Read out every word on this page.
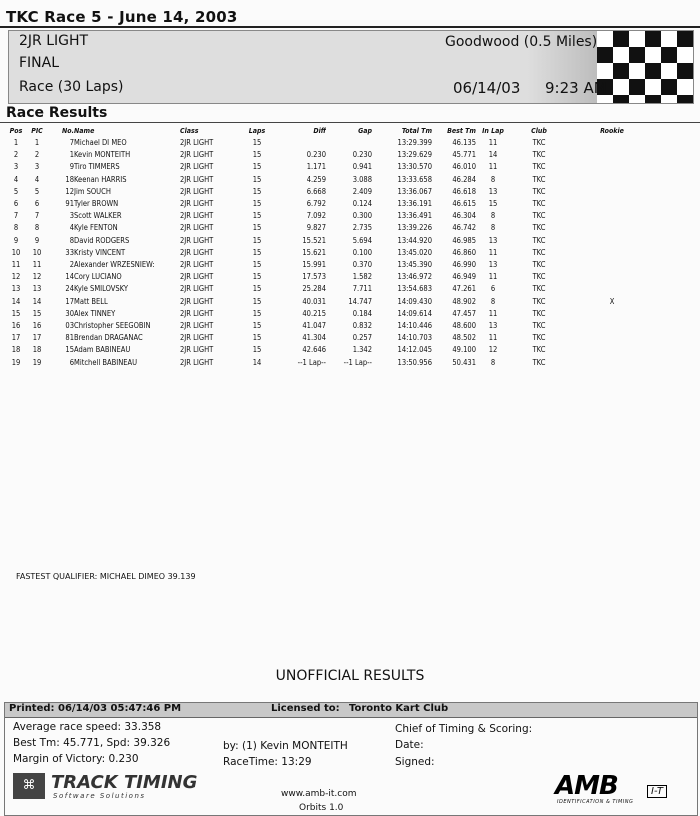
TKC Race 5 - June 14, 2003
2JR LIGHT
FINAL
Race (30 Laps)
Goodwood (0.5 Miles)
06/14/03 9:23 AM
Race Results
Pos	PIC	No.	Name	Class	Laps	Diff	Gap	Total Tm	Best Tm	In Lap	Club	Rookie
1	1	7	Michael DI MEO	2JR LIGHT	15			13:29.399	46.135	11	TKC	
2	2	1	Kevin MONTEITH	2JR LIGHT	15	0.230	0.230	13:29.629	45.771	14	TKC	
3	3	9	Tiro TIMMERS	2JR LIGHT	15	1.171	0.941	13:30.570	46.010	11	TKC	
4	4	18	Keenan HARRIS	2JR LIGHT	15	4.259	3.088	13:33.658	46.284	8	TKC	
5	5	12	Jim SOUCH	2JR LIGHT	15	6.668	2.409	13:36.067	46.618	13	TKC	
6	6	91	Tyler BROWN	2JR LIGHT	15	6.792	0.124	13:36.191	46.615	15	TKC	
7	7	3	Scott WALKER	2JR LIGHT	15	7.092	0.300	13:36.491	46.304	8	TKC	
8	8	4	Kyle FENTON	2JR LIGHT	15	9.827	2.735	13:39.226	46.742	8	TKC	
9	9	8	David RODGERS	2JR LIGHT	15	15.521	5.694	13:44.920	46.985	13	TKC	
10	10	33	Kristy VINCENT	2JR LIGHT	15	15.621	0.100	13:45.020	46.860	11	TKC	
11	11	2	Alexander WRZESNIEW:	2JR LIGHT	15	15.991	0.370	13:45.390	46.990	13	TKC	
12	12	14	Cory LUCIANO	2JR LIGHT	15	17.573	1.582	13:46.972	46.949	11	TKC	
13	13	24	Kyle SMILOVSKY	2JR LIGHT	15	25.284	7.711	13:54.683	47.261	6	TKC	
14	14	17	Matt BELL	2JR LIGHT	15	40.031	14.747	14:09.430	48.902	8	TKC	X
15	15	30	Alex TINNEY	2JR LIGHT	15	40.215	0.184	14:09.614	47.457	11	TKC	
16	16	03	Christopher SEEGOBIN	2JR LIGHT	15	41.047	0.832	14:10.446	48.600	13	TKC	
17	17	81	Brendan DRAGANAC	2JR LIGHT	15	41.304	0.257	14:10.703	48.502	11	TKC	
18	18	15	Adam BABINEAU	2JR LIGHT	15	42.646	1.342	14:12.045	49.100	12	TKC	
19	19	6	Mitchell BABINEAU	2JR LIGHT	14	--1 Lap--	--1 Lap--	13:50.956	50.431	8	TKC	
FASTEST QUALIFIER: MICHAEL DIMEO 39.139
UNOFFICIAL RESULTS
Printed: 06/14/03 05:47:46 PM	Licensed to: Toronto Kart Club
Average race speed: 33.358
Best Tm: 45.771, Spd: 39.326
Margin of Victory: 0.230
by: (1) Kevin MONTEITH
RaceTime: 13:29
Chief of Timing & Scoring:
Date:
Signed:
www.amb-it.com
Orbits 1.0
⌘ TRACK TIMING
Software Solutions	AMB	I-T
IDENTIFICATION & TIMING
